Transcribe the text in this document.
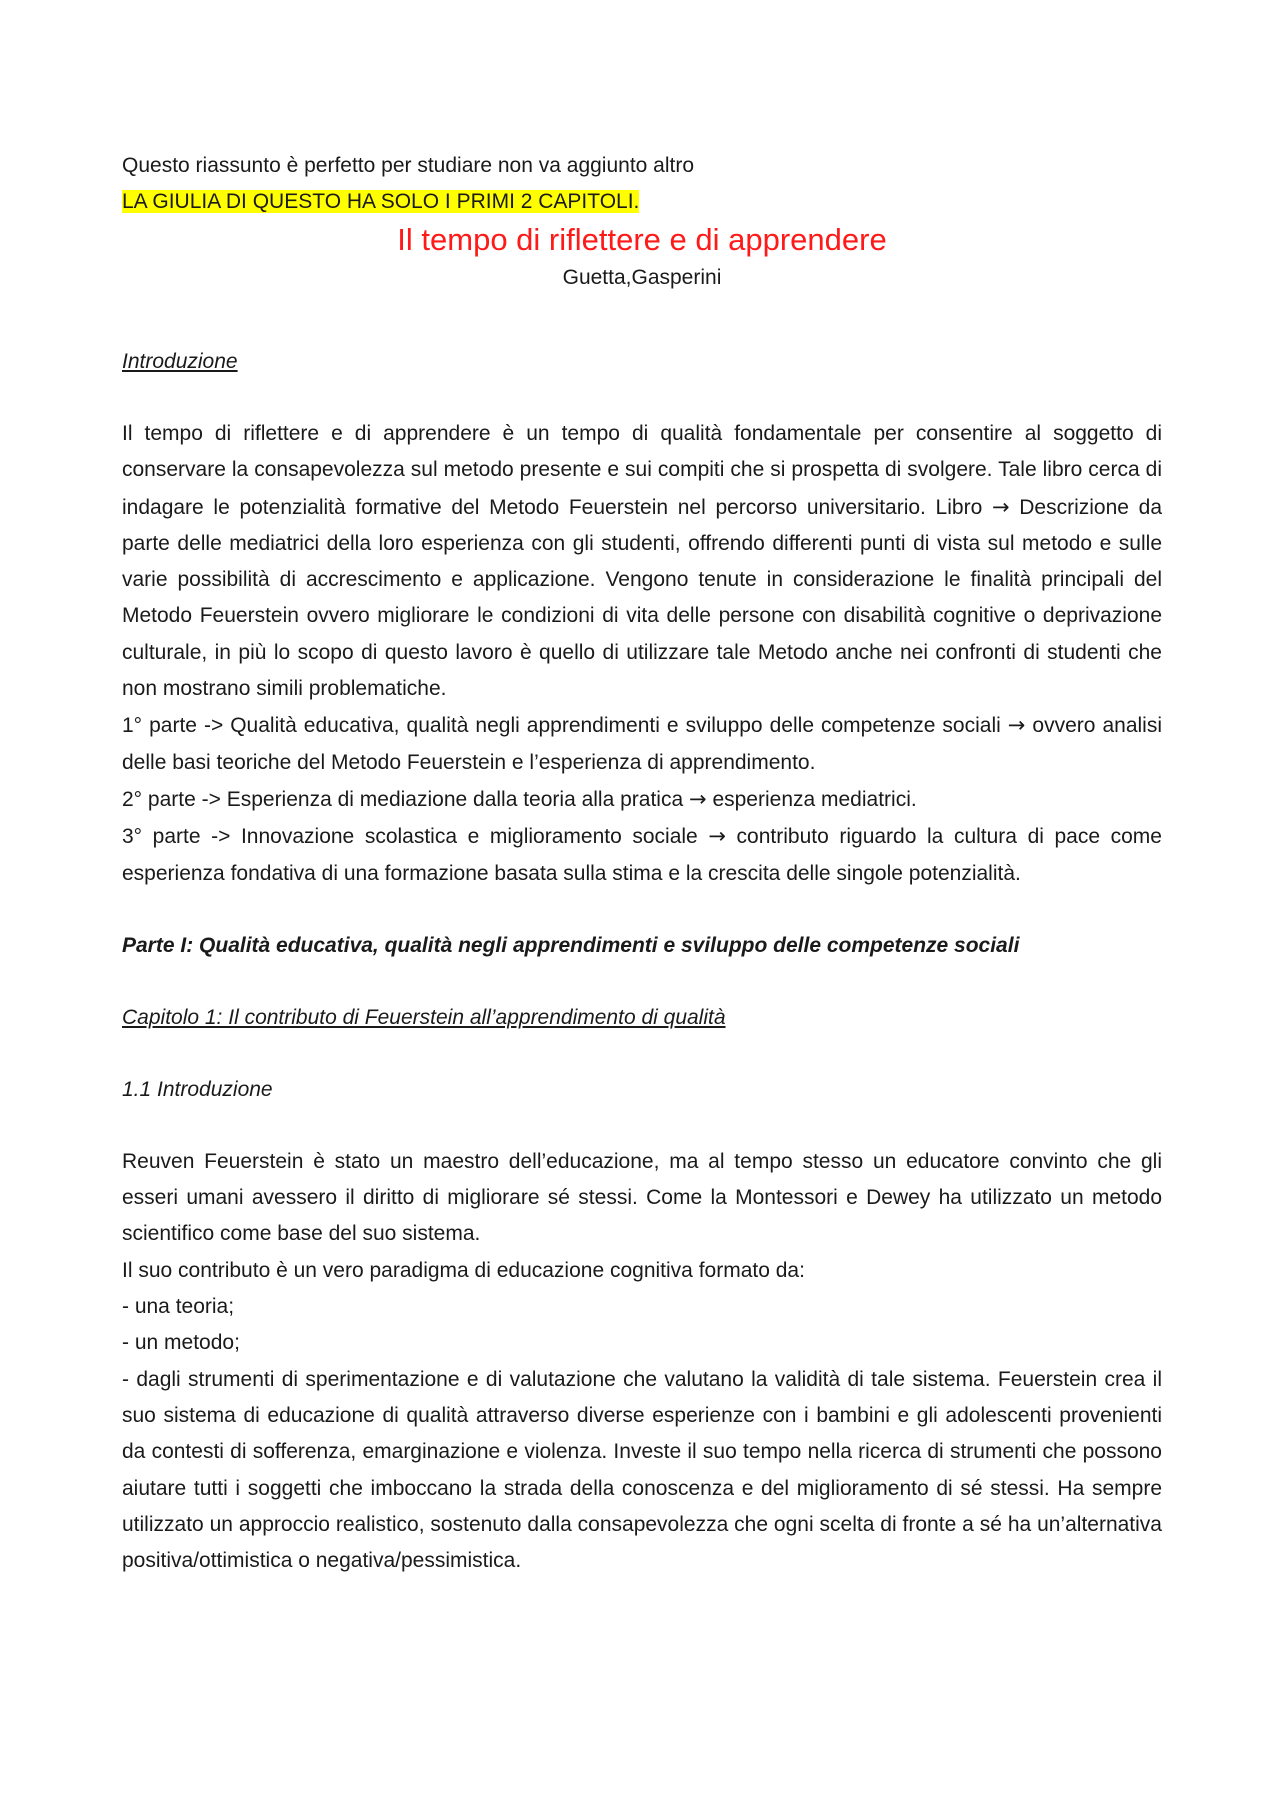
Questo riassunto è perfetto per studiare non va aggiunto altro

LA GIULIA DI QUESTO HA SOLO I PRIMI 2 CAPITOLI.

Il tempo di riflettere e di apprendere

Guetta,Gasperini

Introduzione

Il tempo di riflettere e di apprendere è un tempo di qualità fondamentale per consentire al soggetto di conservare la consapevolezza sul metodo presente e sui compiti che si prospetta di svolgere. Tale libro cerca di indagare le potenzialità formative del Metodo Feuerstein nel percorso universitario. Libro → Descrizione da parte delle mediatrici della loro esperienza con gli studenti, offrendo differenti punti di vista sul metodo e sulle varie possibilità di accrescimento e applicazione. Vengono tenute in considerazione le finalità principali del Metodo Feuerstein ovvero migliorare le condizioni di vita delle persone con disabilità cognitive o deprivazione culturale, in più lo scopo di questo lavoro è quello di utilizzare tale Metodo anche nei confronti di studenti che non mostrano simili problematiche.

1° parte -> Qualità educativa, qualità negli apprendimenti e sviluppo delle competenze sociali → ovvero analisi delle basi teoriche del Metodo Feuerstein e l’esperienza di apprendimento.

2° parte -> Esperienza di mediazione dalla teoria alla pratica → esperienza mediatrici.

3° parte -> Innovazione scolastica e miglioramento sociale → contributo riguardo la cultura di pace come esperienza fondativa di una formazione basata sulla stima e la crescita delle singole potenzialità.

Parte I: Qualità educativa, qualità negli apprendimenti e sviluppo delle competenze sociali

Capitolo 1: Il contributo di Feuerstein all’apprendimento di qualità

1.1 Introduzione

Reuven Feuerstein è stato un maestro dell’educazione, ma al tempo stesso un educatore convinto che gli esseri umani avessero il diritto di migliorare sé stessi. Come la Montessori e Dewey ha utilizzato un metodo scientifico come base del suo sistema.

Il suo contributo è un vero paradigma di educazione cognitiva formato da:

- una teoria;

- un metodo;

- dagli strumenti di sperimentazione e di valutazione che valutano la validità di tale sistema. Feuerstein crea il suo sistema di educazione di qualità attraverso diverse esperienze con i bambini e gli adolescenti provenienti da contesti di sofferenza, emarginazione e violenza. Investe il suo tempo nella ricerca di strumenti che possono aiutare tutti i soggetti che imboccano la strada della conoscenza e del miglioramento di sé stessi. Ha sempre utilizzato un approccio realistico, sostenuto dalla consapevolezza che ogni scelta di fronte a sé ha un’alternativa positiva/ottimistica o negativa/pessimistica.
